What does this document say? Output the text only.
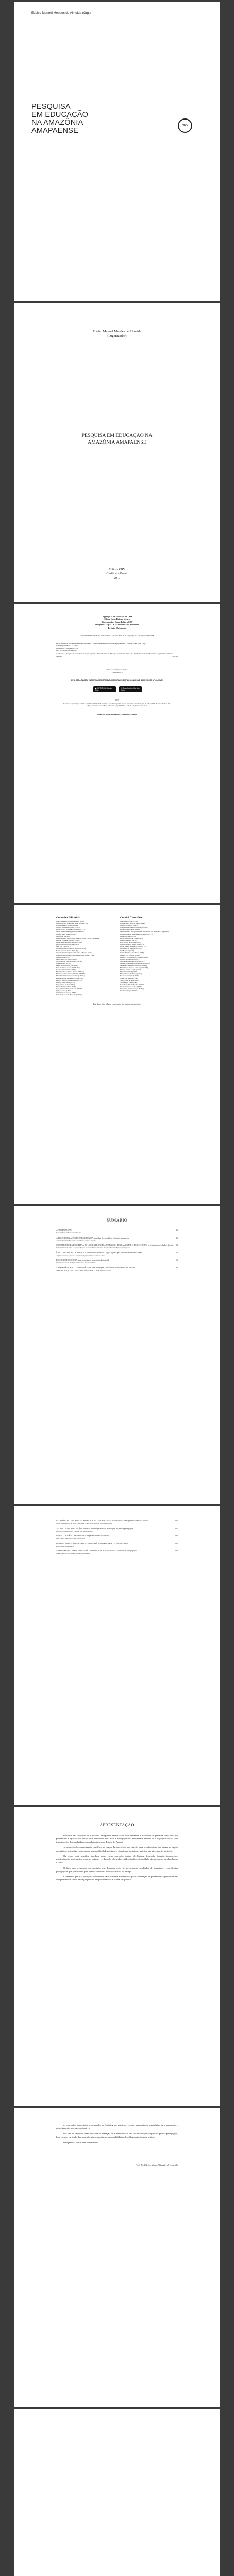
Edelso Manoel Mendes de Almeida (Org.)
PESQUISA
EM EDUCAÇÃO
NA AMAZÔNIA
AMAPAENSE
CRV
Edelso Manoel Mendes de Almeida
(Organizador)
PESQUISA EM EDUCAÇÃO NA AMAZÔNIA AMAPAENSE
Editora CRV
Curitiba – Brasil
2019
Copyright © da Editora CRV Ltda.
Editor-chefe: Railson Moura
Diagramação e Capa: Editora CRV
Imagem da Capa: CRV - Biblioteca da Amazônia
Revisão: Os Autores
DADOS INTERNACIONAIS DE CATALOGAÇÃO NA PUBLICAÇÃO (CIP) CATALOGAÇÃO NA FONTE
P474 Pesquisa em educação na Amazônia amapaense / Edelso Manoel Mendes de Almeida (organizador) – Curitiba : CRV, 2019. 172 p.
ISBN Digital 978-85-444-3292-1
ISBN Físico 978-85-444-3291-4
DOI 10.24824/978854443291.4
1. Educação 2. Pesquisa em educação 3. Educação especial 4. Educação básica 5. Educação a distância 6. Amapá. I. Almeida, Edelso Manoel Mendes de. org. II. Título III. Série.
CDU 37	CDD 370
Índice para catálogo sistemático
1. Educação 370
ESTA OBRA TAMBÉM ENCONTRA-SE DISPONÍVEL EM FORMATO DIGITAL. CONHEÇA E BAIXE NOSSO APLICATIVO!
▶ GET IT ON Google Play
Download on the App Store
2019
Foi feito o depósito legal conf. Lei 10.994 de 14/12/2004. Proibida a reprodução parcial ou total desta obra sem autorização da Editora CRV. Todos os direitos desta edição reservados pela: Editora CRV. Tel.: (41) 3039-6418 - E-mail: sac@editoracrv.com.br
Conheça os nossos lançamentos: www.editoracrv.com.br
Conselho Editorial:
Aldira Guimarães Duarte Domínguez (UNB)
Andréia da Silva Quintanilha Sousa (UNIR/UFRN)
Anselmo Alencar Colares (UFOPA)
Antônio Pereira Gaio Júnior (UFRRJ)
Carlos Alberto Vilar Estêvão (UMINHO – PT)
Carlos Federico Dominguez Avila (Unieuro)
Carmen Tereza Velanga (UNIR)
Celso Conti (UFSCar)
Cesar Gerónimo Tello (Univer. Nacional Três de Febrero – Argentina)
Eduardo Fernandes Barbosa (UFMG)
Elione Maria Nogueira Diogenes (UFAL)
Elizeu Clementino de Souza (UNEB)
Élsio José Corá (UFFS)
Fernando Antônio Gonçalves Alcoforado (IPB)
Francisco Carlos Duarte (PUC-PR)
Gloria Fariñas León (Universidade de La Havana – Cuba)
Guillermo Arias Beatón (Universidade de La Havana – Cuba)
Helmuth Krüger (UCP)
Jailson Alves dos Santos (UFRJ)
João Adalberto Campato Junior (UNESP)
Josania Portela (UFPI)
Leonel Severo Rocha (UNISINOS)
Lídia de Oliveira Xavier (UNIEURO)
Lourdes Helena da Silva (UFV)
Maria Cristina dos Santos Bezerra (UFSCar)
Maria de Lourdes Pinto de Almeida (UNOESC)
Maria Lília Imbiriba Sousa Colares (UFOPA)
Paulo Romualdo Hernandes (UNIFAL-MG)
Renato Francisco dos Santos Paula (UFG)
Rodrigo Pratte-Santos (UFES)
Sérgio Nunes de Jesus (IFRO)
Simone Rodrigues Pinto (UNB)
Solange Helena Ximenes-Rocha (UFOPA)
Sydione Santos (UEPG)
Tadeu Oliver Gonçalves (UFPA)
Tania Suely Azevedo Brasileiro (UFOPA)
Comitê Científico:
Altair Alberto Fávero (UPF)
Ana Chrystina Venancio Mignot (UERJ)
Andréia N. Militão (UEMS)
Anna Augusta Sampaio de Oliveira (UNESP)
Barbara Coelho Neves (UFBA)
Cesar Gerónimo Tello (Universidad Nacional de Três de Febrero – Argentina)
Diosnel Centurion (Univ Americ. de Asunción – Py)
Eliane Rose Maio (UEM)
Elizeu Clementino de Souza (UNEB)
Fauston Negreiros (UFPI)
Francisco Ari de Andrade (UFC)
Gláucia Maria dos Santos Jorge (UFOP)
Helder Buenos Aires de Carvalho (UFPI)
Ilma Passos A. Veiga (UNICEUB)
Inês Bragança (UERJ)
José de Ribamar Sousa Pereira (UCB)
Jussara Fraga Portugal (UNEB)
Kilwangy Kya Kapitango-a-Samba (Unemat)
Lourdes Helena da Silva (UFV)
Marcos Vinicius Francisco (UNOESTE)
Maria de Lourdes Pinto de Almeida (UNOESC)
Maria Eurácia Barreto de Andrade (UFRB)
Maria Lurdes Pinto de Almeida (UNICAMP)
Mariana da Silva Coelho (UNEB)
Mohammed Elhajji (UFRJ)
Mônica Pereira dos Santos (UFRJ)
Najela Tavares Ujiie (UTFPR)
Nilson José Machado (USP)
Sérgio Nunes de Jesus (IFRO)
Silvia Regina Canan (URI)
Sonia Maria Ferreira Koehler (UNISAL)
Suzana dos Santos Gomes (UFMG)
Vânia Alves Martins Chaigar (FURG)
Vera Lucia Gaspar (UDESC)
Este livro foi avaliado e aprovado por pareceristas ad hoc.
SUMÁRIO
APRESENTAÇÃO	11
Edelso Manoel Mendes de Almeida
A DESCOLONIZAÇÃO EPISTEMOLÓGICA: um olhar decolonial da educação amapaense	15
Antonio Sardinha Ferreira / Ana Maria Cristina Ferreira
O CURRÍCULO DA DISCIPLINA DE LÍNGUA FRANCESA NO ENSINO FUNDAMENTAL II DE OIAPOQUE: as fronteiras do trabalho docente	33
Kelly Cristina da Silva / Carmina Ramos Squelar / Eliane Cristina Barreto / Patrícia Fernandes Cyanhas
ÍDOLO, TUTOR, ANTROPOFAGIA: o desafio do ensino de Língua Inglesa para o Ensino Médio no Amapá	51
Jefferson Santos Azevedo / Ana Paula Aguirre / Ariela Cristiane Pizol
DESCOBERTA SONORA: uma proposta de musicalização infantil	69
Daniela de Araújo Rodrigues / Luciana Pereira da Silva
A MATEMÁTICA NO LIVRO DIDÁTICO: uma abordagem crítica sobre seu uso nos Anos Iniciais	85
Maria das Graças Pinto / Luis Ernesto Castro / Rosa Cristina Barreto Coelho
ESTRATÉGIAS CONCEITUAIS SOBRE A BULLYING ESCOLAR: a utilização da educação não formal na escola	101
Carla Jussara Brito da Silva / Maria da Graça Brito / Edimar Fernandes Souza
TECNOLOGIA E EDUCAÇÃO: formação docente para uso de tecnologias na prática pedagógica	117
Karina Flores Barbosa / Luciana dos Santos Moraes
ENSINO DE CIÊNCIAS NATURAIS: experiências em sala de aula	131
Luiz Carlos Rodrigues / Ana Paula Dias
PEDAGOGIAS LUDO-EMBASADAS NO CURRÍCULO DO ENSINO FUNDAMENTAL	145
Roberta Fernandes de Sá
A PROFESSORALIDADE NO CURRÍCULO DA ESCOLA RIBEIRINHA: os discursos pedagógicos	159
Marta Jane da Silva Souza / Antonio Fernandes
APRESENTAÇÃO

Pesquisa em Educação na Amazônia Amapaense reúne textos com reflexões e trabalhos de pesquisa realizados por professores e egressos dos cursos de Licenciatura em Letras e Pedagogia da Universidade Federal do Amapá (UNIFAP), com investigações desenvolvidas em escolas públicas do Estado do Amapá.

A produção do conhecimento científico no campo da educação é um desafio para os educadores que atuam na região amazônica, pois exige compreender as especificidades culturais, históricas e sociais dos sujeitos que vivem neste território.

Os textos aqui reunidos abordam temas como currículo, ensino de línguas, formação docente, tecnologias, musicalização, matemática, ciências naturais e educação ribeirinha, evidenciando a diversidade das pesquisas produzidas no Estado.

O livro está organizado em capítulos que dialogam entre si, apresentando resultados de pesquisas e experiências pedagógicas que contribuem para a reflexão sobre a educação básica no Amapá.

Esperamos que esta obra possa contribuir para o debate acadêmico e para a formação de professores e pesquisadores comprometidos com a educação pública de qualidade na Amazônia amapaense.

os currículos conceituais relacionados ao bullying no ambiente escolar, apresentando estratégias para prevenção e enfrentamento no espaço educativo.

Por fim, os capítulos finais discutem a formação de professores e o uso das tecnologias digitais na prática pedagógica, bem como o currículo da escola ribeirinha, ampliando as possibilidades de diálogo entre teoria e prática.

Desejamos a todos uma ótima leitura.

Prof. Dr. Edelso Manoel Mendes de Almeida
